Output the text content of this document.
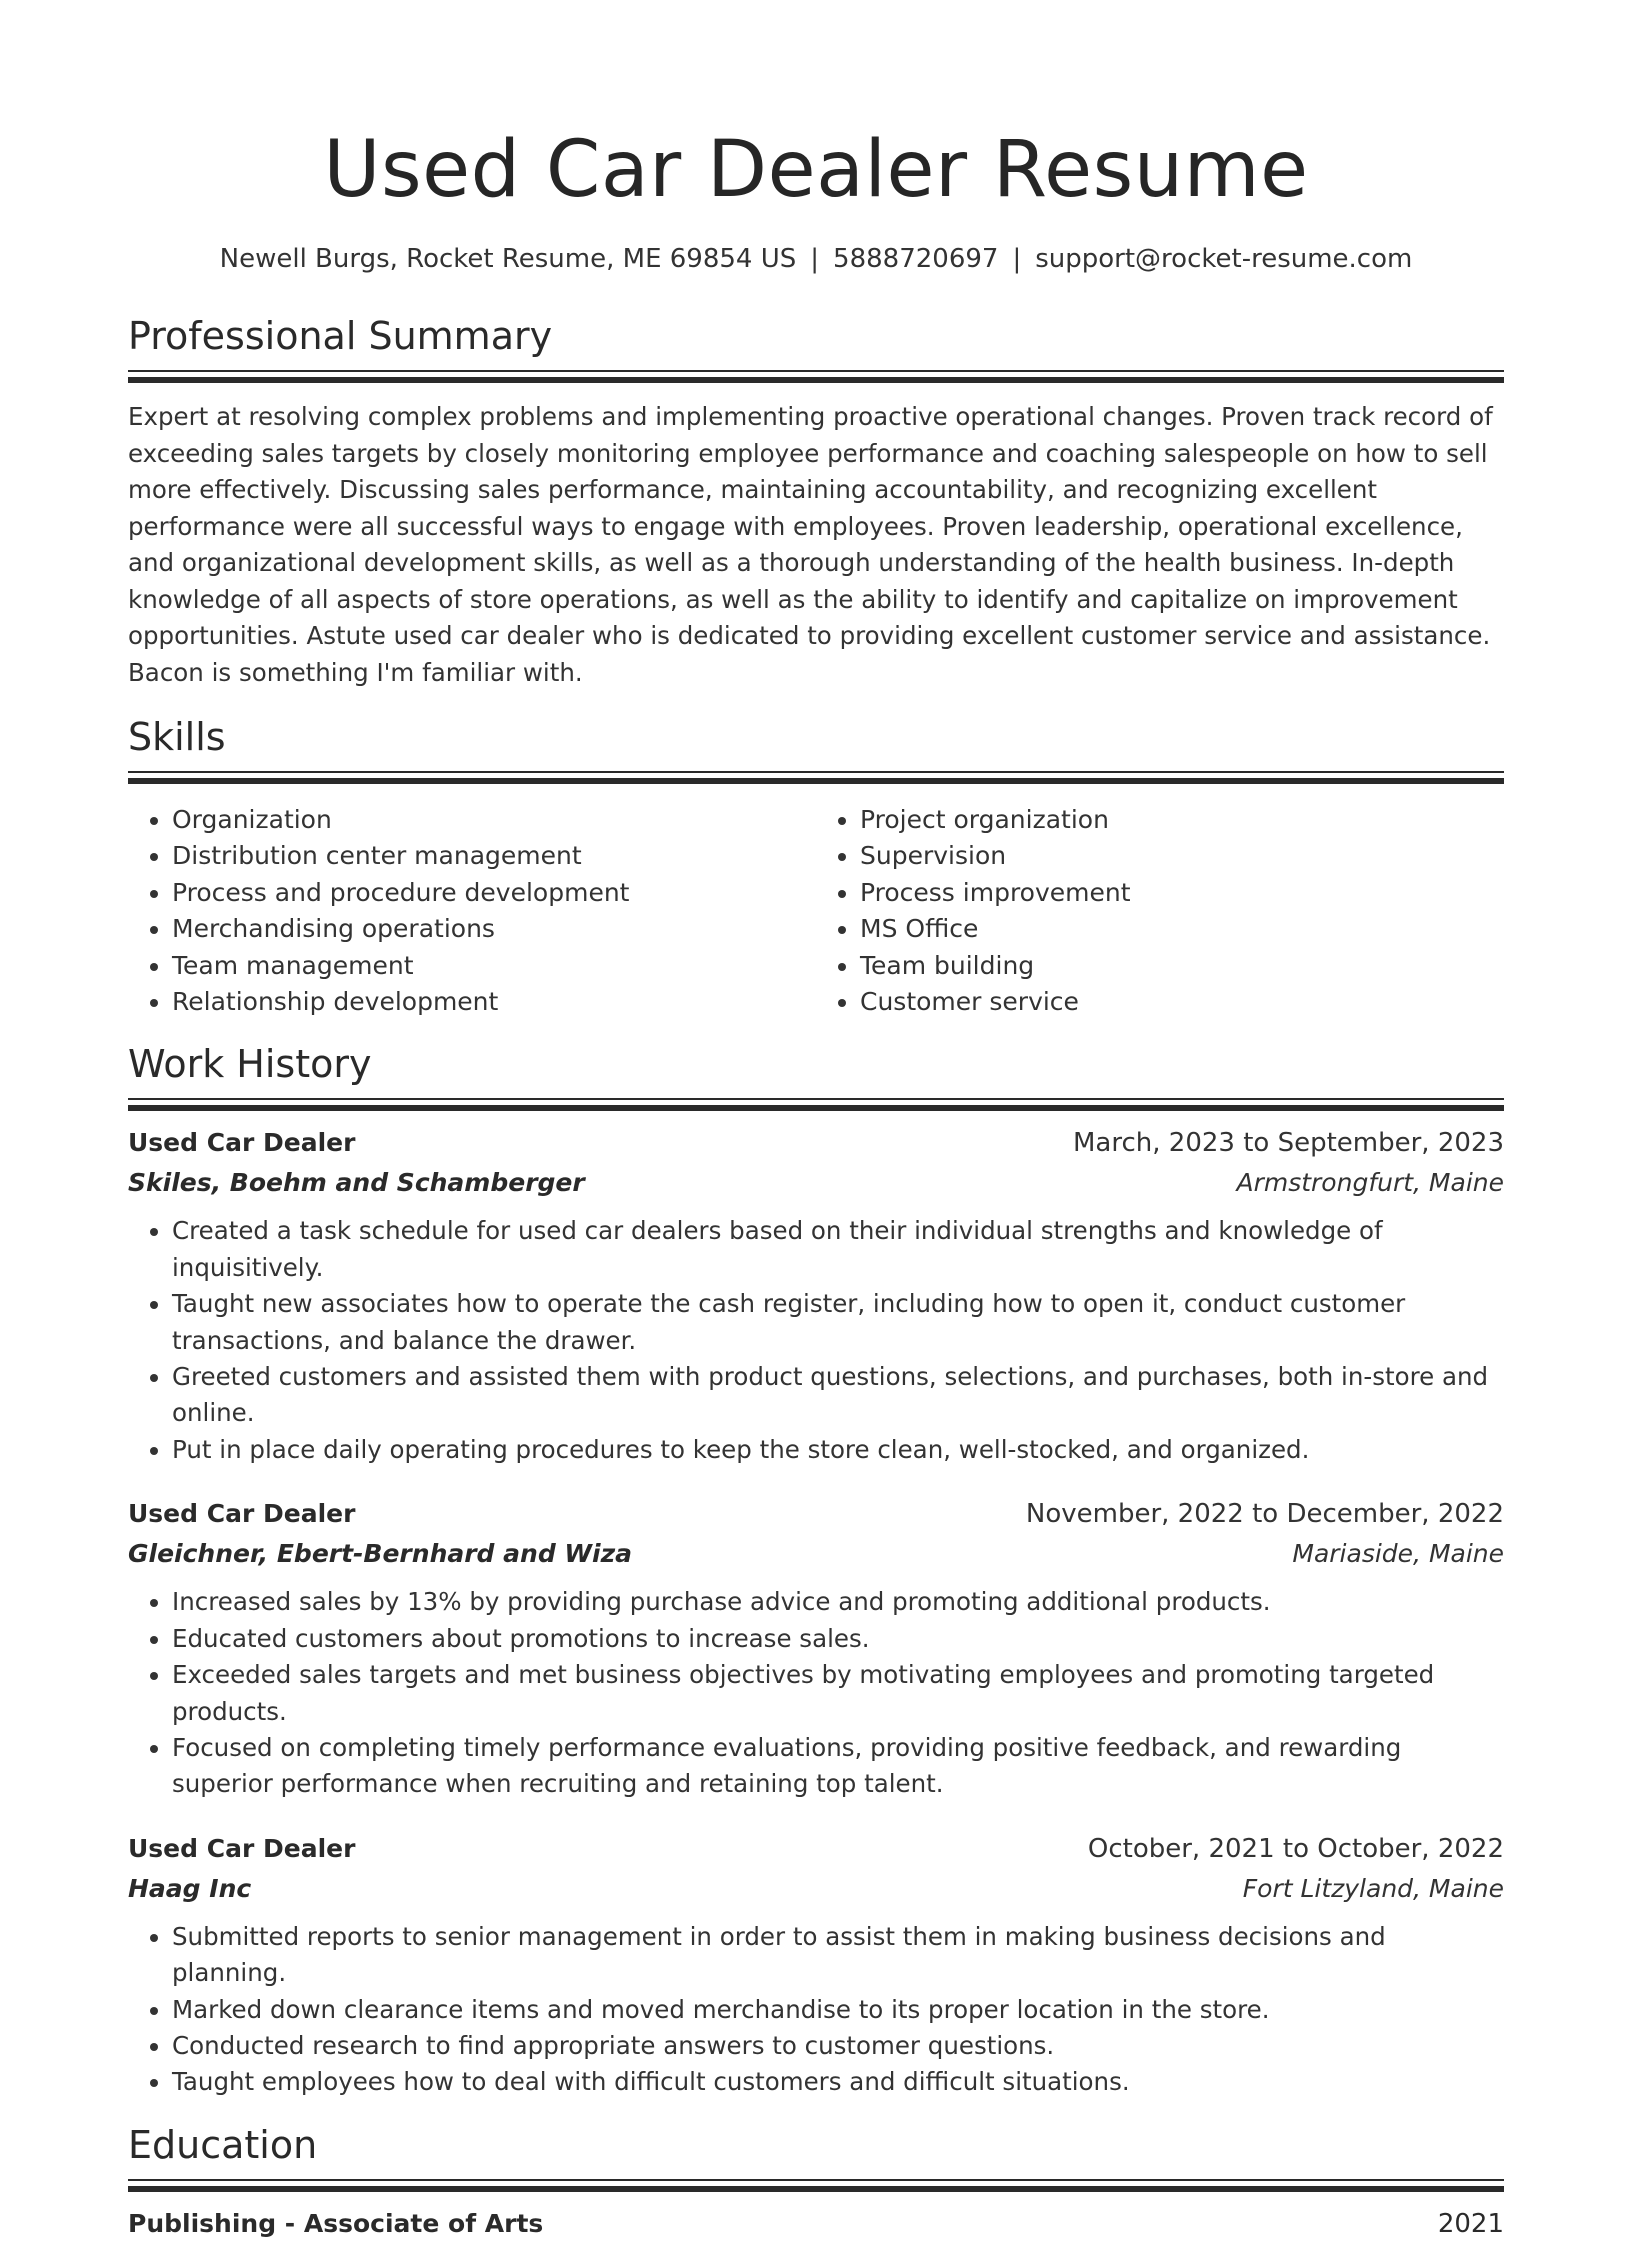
Used Car Dealer Resume
Newell Burgs, Rocket Resume, ME 69854 US | 5888720697 | support@rocket-resume.com
Professional Summary
Expert at resolving complex problems and implementing proactive operational changes. Proven track record of exceeding sales targets by closely monitoring employee performance and coaching salespeople on how to sell more effectively. Discussing sales performance, maintaining accountability, and recognizing excellent performance were all successful ways to engage with employees. Proven leadership, operational excellence, and organizational development skills, as well as a thorough understanding of the health business. In-depth knowledge of all aspects of store operations, as well as the ability to identify and capitalize on improvement opportunities. Astute used car dealer who is dedicated to providing excellent customer service and assistance. Bacon is something I'm familiar with.
Skills
• Organization
• Distribution center management
• Process and procedure development
• Merchandising operations
• Team management
• Relationship development
• Project organization
• Supervision
• Process improvement
• MS Office
• Team building
• Customer service
Work History
Used Car Dealer	March, 2023 to September, 2023
Skiles, Boehm and Schamberger	Armstrongfurt, Maine
• Created a task schedule for used car dealers based on their individual strengths and knowledge of inquisitively.
• Taught new associates how to operate the cash register, including how to open it, conduct customer transactions, and balance the drawer.
• Greeted customers and assisted them with product questions, selections, and purchases, both in-store and online.
• Put in place daily operating procedures to keep the store clean, well-stocked, and organized.
Used Car Dealer	November, 2022 to December, 2022
Gleichner, Ebert-Bernhard and Wiza	Mariaside, Maine
• Increased sales by 13% by providing purchase advice and promoting additional products.
• Educated customers about promotions to increase sales.
• Exceeded sales targets and met business objectives by motivating employees and promoting targeted products.
• Focused on completing timely performance evaluations, providing positive feedback, and rewarding superior performance when recruiting and retaining top talent.
Used Car Dealer	October, 2021 to October, 2022
Haag Inc	Fort Litzyland, Maine
• Submitted reports to senior management in order to assist them in making business decisions and planning.
• Marked down clearance items and moved merchandise to its proper location in the store.
• Conducted research to find appropriate answers to customer questions.
• Taught employees how to deal with difficult customers and difficult situations.
Education
Publishing - Associate of Arts	2021
